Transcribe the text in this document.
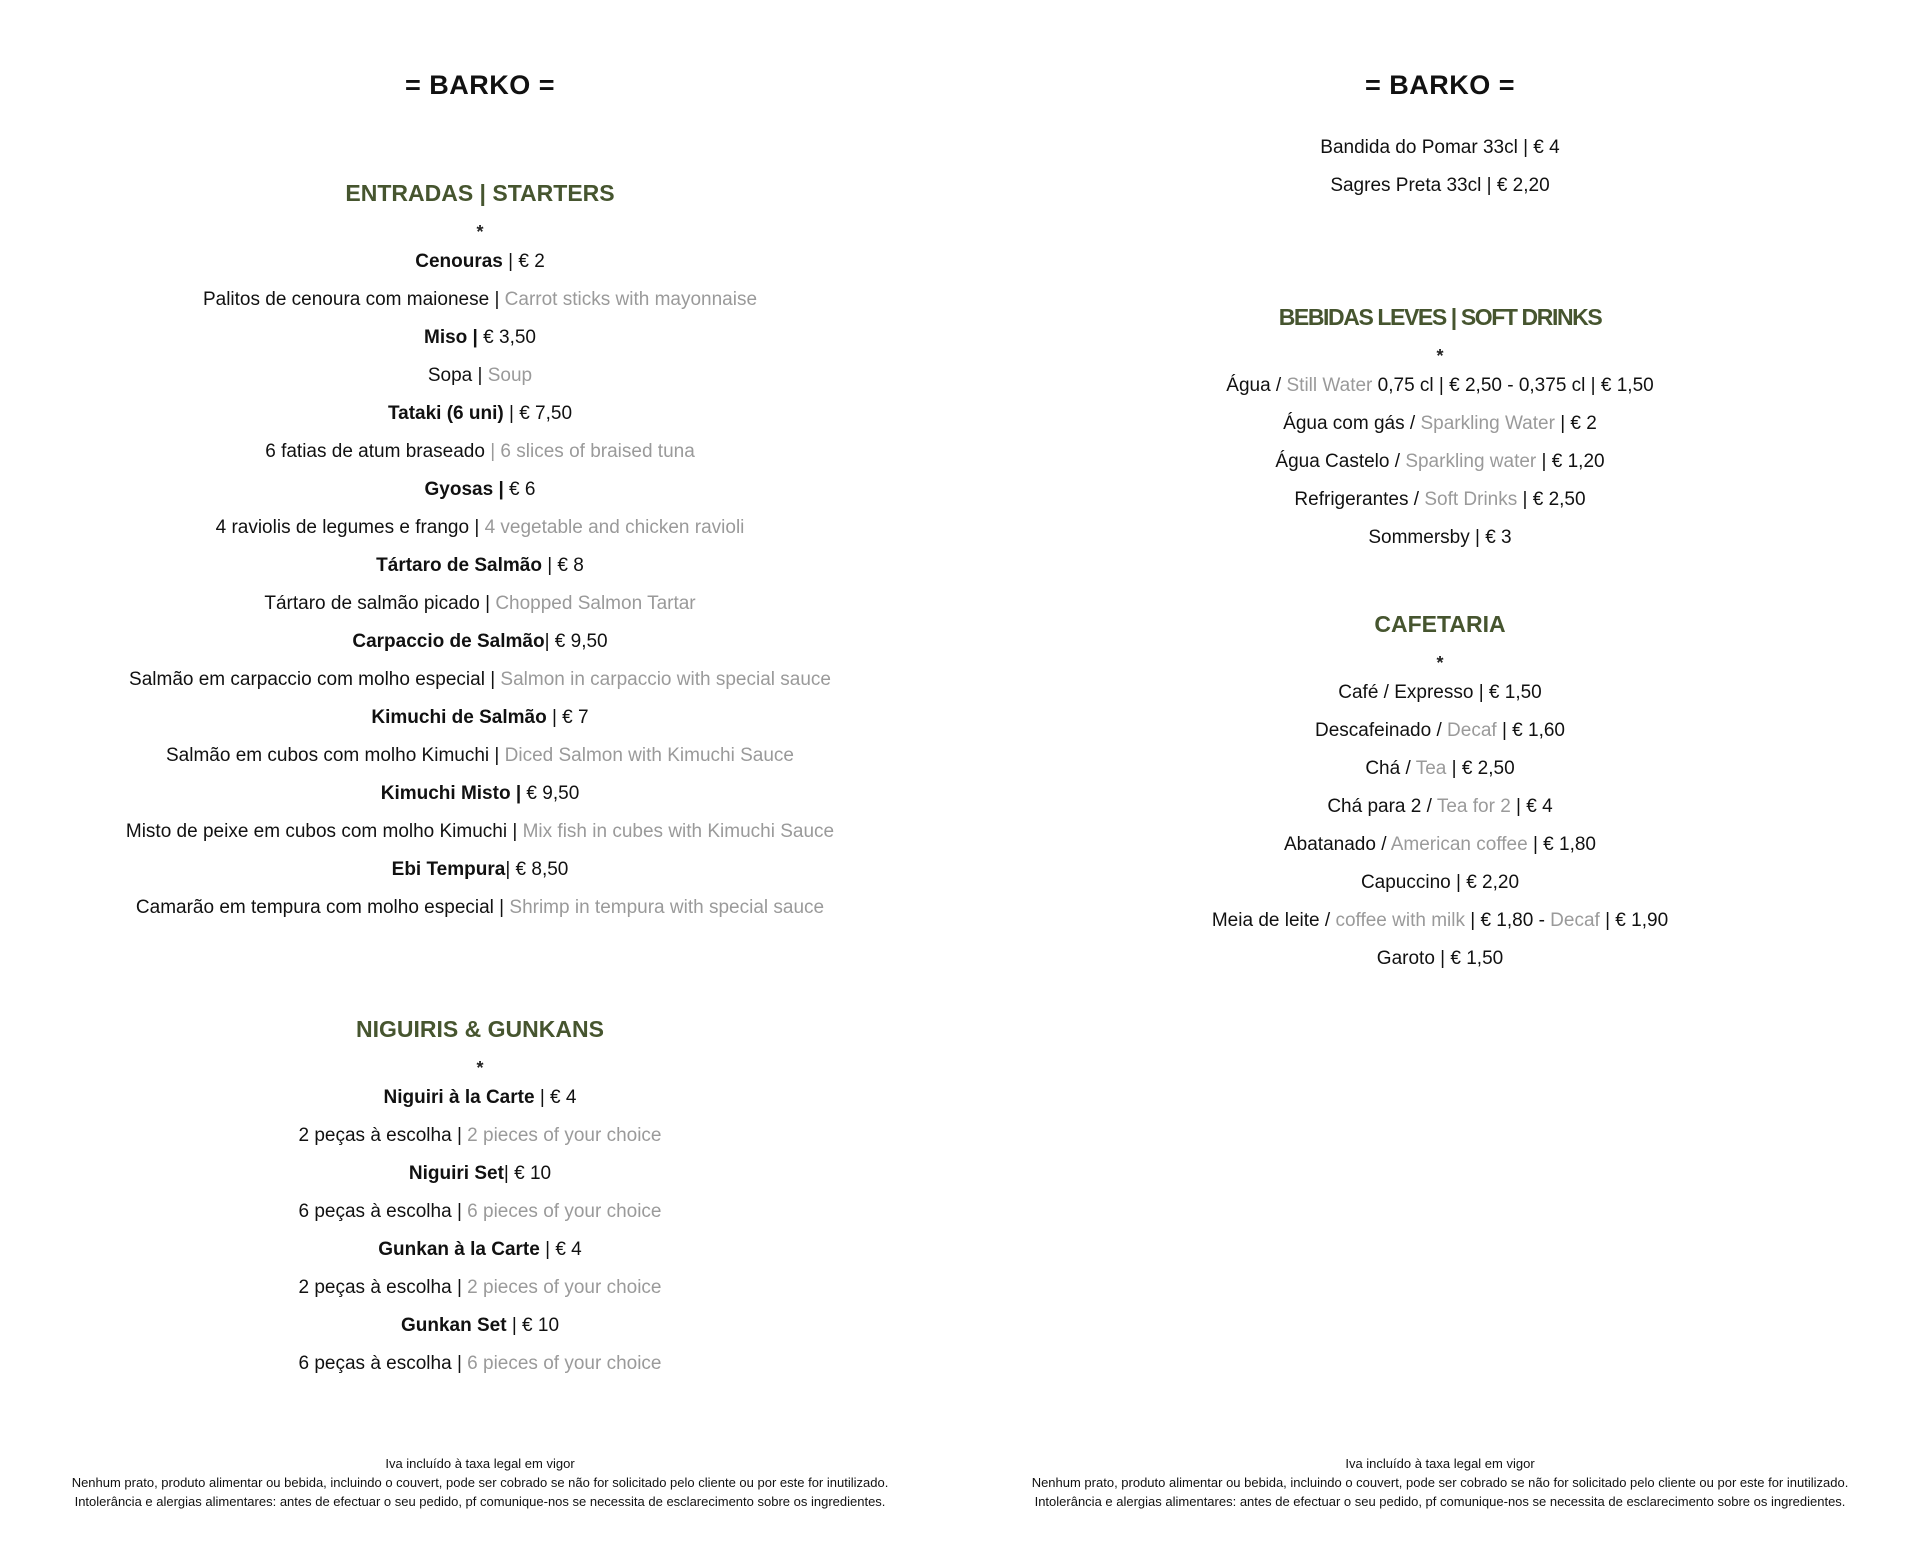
= BARKO =
ENTRADAS | STARTERS
*
Cenouras | € 2
Palitos de cenoura com maionese | Carrot sticks with mayonnaise
Miso | € 3,50
Sopa | Soup
Tataki (6 uni) | € 7,50
6 fatias de atum braseado | 6 slices of braised tuna
Gyosas | € 6
4 raviolis de legumes e frango | 4 vegetable and chicken ravioli
Tártaro de Salmão | € 8
Tártaro de salmão picado | Chopped Salmon Tartar
Carpaccio de Salmão| € 9,50
Salmão em carpaccio com molho especial | Salmon in carpaccio with special sauce
Kimuchi de Salmão | € 7
Salmão em cubos com molho Kimuchi | Diced Salmon with Kimuchi Sauce
Kimuchi Misto | € 9,50
Misto de peixe em cubos com molho Kimuchi | Mix fish in cubes with Kimuchi Sauce
Ebi Tempura| € 8,50
Camarão em tempura com molho especial | Shrimp in tempura with special sauce
NIGUIRIS & GUNKANS
*
Niguiri à la Carte | € 4
2 peças à escolha | 2 pieces of your choice
Niguiri Set| € 10
6 peças à escolha | 6 pieces of your choice
Gunkan à la Carte | € 4
2 peças à escolha | 2 pieces of your choice
Gunkan Set | € 10
6 peças à escolha | 6 pieces of your choice
Iva incluído à taxa legal em vigor
Nenhum prato, produto alimentar ou bebida, incluindo o couvert, pode ser cobrado se não for solicitado pelo cliente ou por este for inutilizado.
Intolerância e alergias alimentares: antes de efectuar o seu pedido, pf comunique-nos se necessita de esclarecimento sobre os ingredientes.
= BARKO =
Bandida do Pomar 33cl | € 4
Sagres Preta 33cl | € 2,20
BEBIDAS LEVES | SOFT DRINKS
*
Água / Still Water 0,75 cl | € 2,50 - 0,375 cl | € 1,50
Água com gás / Sparkling Water | € 2
Água Castelo / Sparkling water | € 1,20
Refrigerantes / Soft Drinks | € 2,50
Sommersby | € 3
CAFETARIA
*
Café / Expresso | € 1,50
Descafeinado / Decaf | € 1,60
Chá / Tea | € 2,50
Chá para 2 / Tea for 2 | € 4
Abatanado / American coffee | € 1,80
Capuccino | € 2,20
Meia de leite / coffee with milk | € 1,80 - Decaf | € 1,90
Garoto | € 1,50
Iva incluído à taxa legal em vigor
Nenhum prato, produto alimentar ou bebida, incluindo o couvert, pode ser cobrado se não for solicitado pelo cliente ou por este for inutilizado.
Intolerância e alergias alimentares: antes de efectuar o seu pedido, pf comunique-nos se necessita de esclarecimento sobre os ingredientes.
